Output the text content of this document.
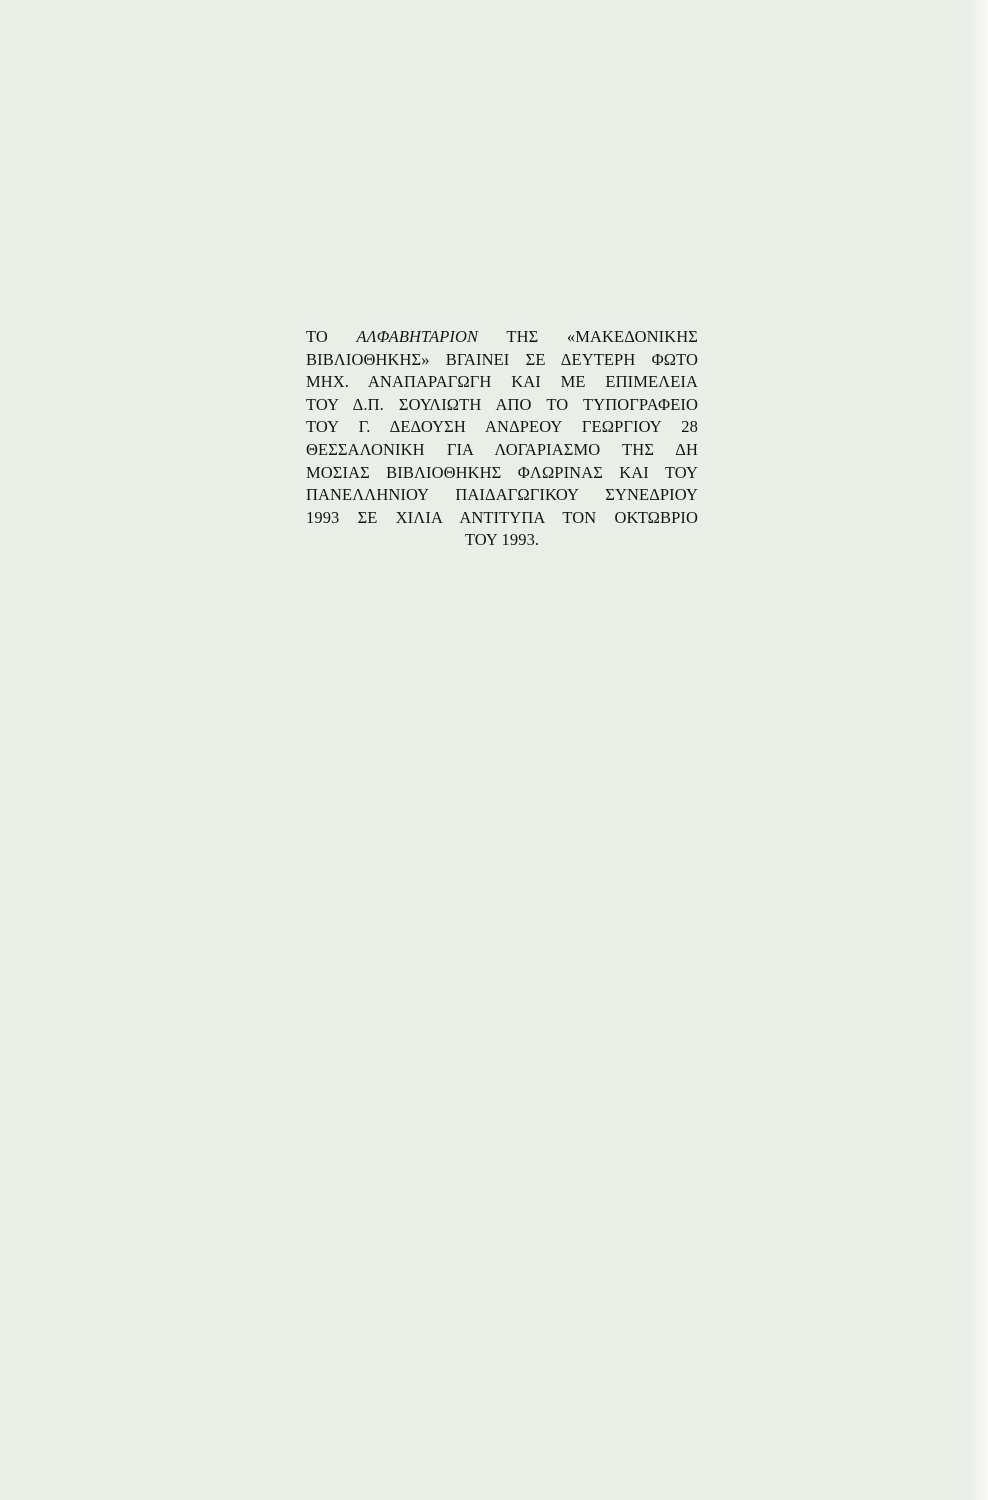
ΤΟ ΑΛΦΑΒΗΤΑΡΙΟΝ ΤΗΣ «ΜΑΚΕΔΟΝΙΚΗΣ
ΒΙΒΛΙΟΘΗΚΗΣ» ΒΓΑΙΝΕΙ ΣΕ ΔΕΥΤΕΡΗ ΦΩΤΟ
ΜΗΧ. ΑΝΑΠΑΡΑΓΩΓΗ ΚΑΙ ΜΕ ΕΠΙΜΕΛΕΙΑ
ΤΟΥ Δ.Π. ΣΟΥΛΙΩΤΗ ΑΠΟ ΤΟ ΤΥΠΟΓΡΑΦΕΙΟ
ΤΟΥ Γ. ΔΕΔΟΥΣΗ ΑΝΔΡΕΟΥ ΓΕΩΡΓΙΟΥ 28
ΘΕΣΣΑΛΟΝΙΚΗ ΓΙΑ ΛΟΓΑΡΙΑΣΜΟ ΤΗΣ ΔΗ
ΜΟΣΙΑΣ ΒΙΒΛΙΟΘΗΚΗΣ ΦΛΩΡΙΝΑΣ ΚΑΙ ΤΟΥ
ΠΑΝΕΛΛΗΝΙΟΥ ΠΑΙΔΑΓΩΓΙΚΟΥ ΣΥΝΕΔΡΙΟΥ
1993 ΣΕ ΧΙΛΙΑ ΑΝΤΙΤΥΠΑ ΤΟΝ ΟΚΤΩΒΡΙΟ
ΤΟΥ 1993.
